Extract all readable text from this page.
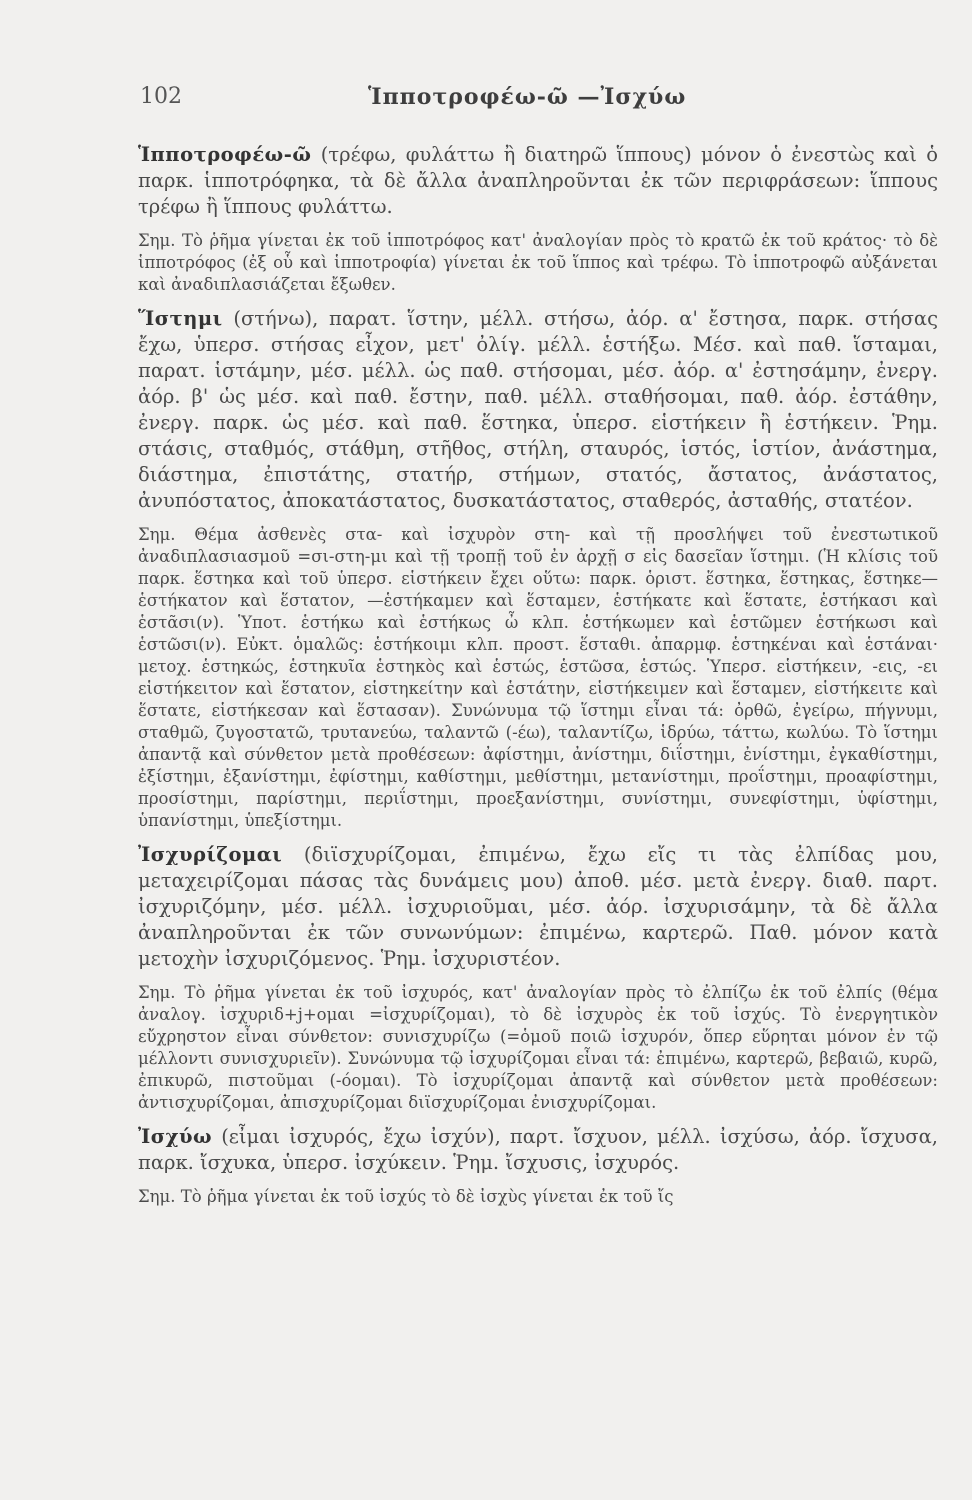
102	Ἱπποτροφέω-ῶ —Ἰσχύω

Ἱπποτροφέω-ῶ (τρέφω, φυλάττω ἢ διατηρῶ ἵππους) μόνον ὁ ἐνεστὼς καὶ ὁ παρκ. ἱπποτρόφηκα, τὰ δὲ ἄλλα ἀναπληροῦνται ἐκ τῶν περιφράσεων: ἵππους τρέφω ἢ ἵππους φυλάττω.

Σημ. Τὸ ῥῆμα γίνεται ἐκ τοῦ ἱπποτρόφος κατ' ἀναλογίαν πρὸς τὸ κρατῶ ἐκ τοῦ κράτος· τὸ δὲ ἱπποτρόφος (ἐξ οὗ καὶ ἱπποτροφία) γίνεται ἐκ τοῦ ἵππος καὶ τρέφω. Τὸ ἱπποτροφῶ αὐξάνεται καὶ ἀναδιπλασιάζεται ἔξωθεν.

Ἵστημι (στήνω), παρατ. ἵστην, μέλλ. στήσω, ἀόρ. α' ἔστησα, παρκ. στήσας ἔχω, ὑπερσ. στήσας εἶχον, μετ' ὀλίγ. μέλλ. ἑστήξω. Μέσ. καὶ παθ. ἵσταμαι, παρατ. ἱστάμην, μέσ. μέλλ. ὡς παθ. στήσομαι, μέσ. ἀόρ. α' ἐστησάμην, ἐνεργ. ἀόρ. β' ὡς μέσ. καὶ παθ. ἔστην, παθ. μέλλ. σταθήσομαι, παθ. ἀόρ. ἐστάθην, ἐνεργ. παρκ. ὡς μέσ. καὶ παθ. ἕστηκα, ὑπερσ. εἱστήκειν ἢ ἑστήκειν. Ῥημ. στάσις, σταθμός, στάθμη, στῆθος, στήλη, σταυρός, ἱστός, ἱστίον, ἀνάστημα, διάστημα, ἐπιστάτης, στατήρ, στήμων, στατός, ἄστατος, ἀνάστατος, ἀνυπόστατος, ἀποκατάστατος, δυσκατάστατος, σταθερός, ἀσταθής, στατέον.

Σημ. Θέμα ἀσθενὲς στα- καὶ ἰσχυρὸν στη- καὶ τῇ προσλήψει τοῦ ἐνεστωτικοῦ ἀναδιπλασιασμοῦ =σι-στη-μι καὶ τῇ τροπῇ τοῦ ἐν ἀρχῇ σ εἰς δασεῖαν ἵστημι. (Ἡ κλίσις τοῦ παρκ. ἕστηκα καὶ τοῦ ὑπερσ. εἱστήκειν ἔχει οὕτω: παρκ. ὁριστ. ἕστηκα, ἕστηκας, ἕστηκε—ἑστήκατον καὶ ἕστατον, —ἑστήκαμεν καὶ ἕσταμεν, ἑστήκατε καὶ ἕστατε, ἑστήκασι καὶ ἑστᾶσι(ν). Ὑποτ. ἑστήκω καὶ ἑστήκως ὦ κλπ. ἑστήκωμεν καὶ ἑστῶμεν ἑστήκωσι καὶ ἑστῶσι(ν). Εὐκτ. ὁμαλῶς: ἑστήκοιμι κλπ. προστ. ἕσταθι. ἀπαρμφ. ἑστηκέναι καὶ ἑστάναι· μετοχ. ἑστηκώς, ἑστηκυῖα ἑστηκὸς καὶ ἑστώς, ἑστῶσα, ἑστώς. Ὑπερσ. εἱστήκειν, -εις, -ει εἱστήκειτον καὶ ἕστατον, εἱστηκείτην καὶ ἑστάτην, εἱστήκειμεν καὶ ἕσταμεν, εἱστήκειτε καὶ ἕστατε, εἱστήκεσαν καὶ ἕστασαν). Συνώνυμα τῷ ἵστημι εἶναι τά: ὀρθῶ, ἐγείρω, πήγνυμι, σταθμῶ, ζυγοστατῶ, τρυτανεύω, ταλαντῶ (-έω), ταλαντίζω, ἱδρύω, τάττω, κωλύω. Τὸ ἵστημι ἀπαντᾷ καὶ σύνθετον μετὰ προθέσεων: ἀφίστημι, ἀνίστημι, διΐστημι, ἐνίστημι, ἐγκαθίστημι, ἐξίστημι, ἐξανίστημι, ἐφίστημι, καθίστημι, μεθίστημι, μετανίστημι, προΐστημι, προαφίστημι, προσίστημι, παρίστημι, περιΐστημι, προεξανίστημι, συνίστημι, συνεφίστημι, ὑφίστημι, ὑπανίστημι, ὑπεξίστημι.

Ἰσχυρίζομαι (διϊσχυρίζομαι, ἐπιμένω, ἔχω εἴς τι τὰς ἐλπίδας μου, μεταχειρίζομαι πάσας τὰς δυνάμεις μου) ἀποθ. μέσ. μετὰ ἐνεργ. διαθ. παρτ. ἰσχυριζόμην, μέσ. μέλλ. ἰσχυριοῦμαι, μέσ. ἀόρ. ἰσχυρισάμην, τὰ δὲ ἄλλα ἀναπληροῦνται ἐκ τῶν συνωνύμων: ἐπιμένω, καρτερῶ. Παθ. μόνον κατὰ μετοχὴν ἰσχυριζόμενος. Ῥημ. ἰσχυριστέον.

Σημ. Τὸ ῥῆμα γίνεται ἐκ τοῦ ἰσχυρός, κατ' ἀναλογίαν πρὸς τὸ ἐλπίζω ἐκ τοῦ ἐλπίς (θέμα ἀναλογ. ἰσχυριδ+j+ομαι =ἰσχυρίζομαι), τὸ δὲ ἰσχυρὸς ἐκ τοῦ ἰσχύς. Τὸ ἐνεργητικὸν εὔχρηστον εἶναι σύνθετον: συνισχυρίζω (=ὁμοῦ ποιῶ ἰσχυρόν, ὅπερ εὕρηται μόνον ἐν τῷ μέλλοντι συνισχυριεῖν). Συνώνυμα τῷ ἰσχυρίζομαι εἶναι τά: ἐπιμένω, καρτερῶ, βεβαιῶ, κυρῶ, ἐπικυρῶ, πιστοῦμαι (-όομαι). Τὸ ἰσχυρίζομαι ἀπαντᾷ καὶ σύνθετον μετὰ προθέσεων: ἀντισχυρίζομαι, ἀπισχυρίζομαι διϊσχυρίζομαι ἐνισχυρίζομαι.

Ἰσχύω (εἶμαι ἰσχυρός, ἔχω ἰσχύν), παρτ. ἴσχυον, μέλλ. ἰσχύσω, ἀόρ. ἴσχυσα, παρκ. ἴσχυκα, ὑπερσ. ἰσχύκειν. Ῥημ. ἴσχυσις, ἰσχυρός.

Σημ. Τὸ ῥῆμα γίνεται ἐκ τοῦ ἰσχύς τὸ δὲ ἰσχὺς γίνεται ἐκ τοῦ ἴς
